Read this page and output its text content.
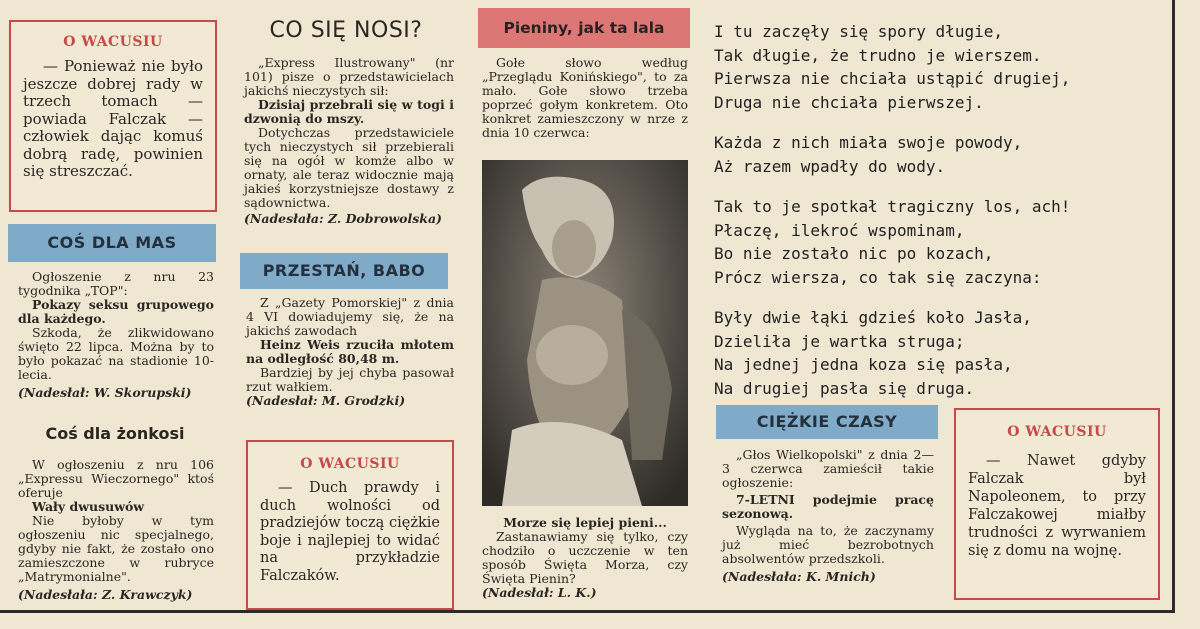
O WACUSIU

— Ponieważ nie było jeszcze dobrej rady w trzech tomach — powiada Falczak — człowiek dając komuś dobrą radę, powinien się streszczać.

COŚ DLA MAS

Ogłoszenie z nru 23 tygodnika „TOP":

Pokazy seksu grupowego dla każdego.

Szkoda, że zlikwidowano święto 22 lipca. Można by to było pokazać na stadionie 10-lecia.

(Nadesłał: W. Skorupski)

Coś dla żonkosi

W ogłoszeniu z nru 106 „Expressu Wieczornego" ktoś oferuje

Wały dwusuwów

Nie byłoby w tym ogłoszeniu nic specjalnego, gdyby nie fakt, że zostało ono zamieszczone w rubryce „Matrymonialne".

(Nadesłała: Z. Krawczyk)

CO SIĘ NOSI?

„Express Ilustrowany" (nr 101) pisze o przedstawicielach jakichś nieczystych sił:

Dzisiaj przebrali się w togi i dzwonią do mszy.

Dotychczas przedstawiciele tych nieczystych sił przebierali się na ogół w komże albo w ornaty, ale teraz widocznie mają jakieś korzystniejsze dostawy z sądownictwa.

(Nadesłała: Z. Dobrowolska)

PRZESTAŃ, BABO

Z „Gazety Pomorskiej" z dnia 4 VI dowiadujemy się, że na jakichś zawodach

Heinz Weis rzuciła młotem na odległość 80,48 m.

Bardziej by jej chyba pasował rzut wałkiem.

(Nadesłał: M. Grodzki)

O WACUSIU

— Duch prawdy i duch wolności od pradziejów toczą ciężkie boje i najlepiej to widać na przykładzie Falczaków.

Pieniny, jak ta lala

Gołe słowo według „Przeglądu Konińskiego", to za mało. Gołe słowo trzeba poprzeć gołym konkretem. Oto konkret zamieszczony w nrze z dnia 10 czerwca:

Morze się lepiej pieni...

Zastanawiamy się tylko, czy chodziło o uczczenie w ten sposób Święta Morza, czy Święta Pienin?

(Nadesłał: L. K.)

I tu zaczęły się spory długie,
Tak długie, że trudno je wierszem.
Pierwsza nie chciała ustąpić drugiej,
Druga nie chciała pierwszej.

Każda z nich miała swoje powody,
Aż razem wpadły do wody.

Tak to je spotkał tragiczny los, ach!
Płaczę, ilekroć wspominam,
Bo nie zostało nic po kozach,
Prócz wiersza, co tak się zaczyna:

Były dwie łąki gdzieś koło Jasła,
Dzieliła je wartka struga;
Na jednej jedna koza się pasła,
Na drugiej pasła się druga.

CIĘŻKIE CZASY

„Głos Wielkopolski" z dnia 2—3 czerwca zamieścił takie ogłoszenie:

7-LETNI podejmie pracę sezonową.

Wygląda na to, że zaczynamy już mieć bezrobotnych absolwentów przedszkoli.

(Nadesłała: K. Mnich)

O WACUSIU

— Nawet gdyby Falczak był Napoleonem, to przy Falczakowej miałby trudności z wyrwaniem się z domu na wojnę.
